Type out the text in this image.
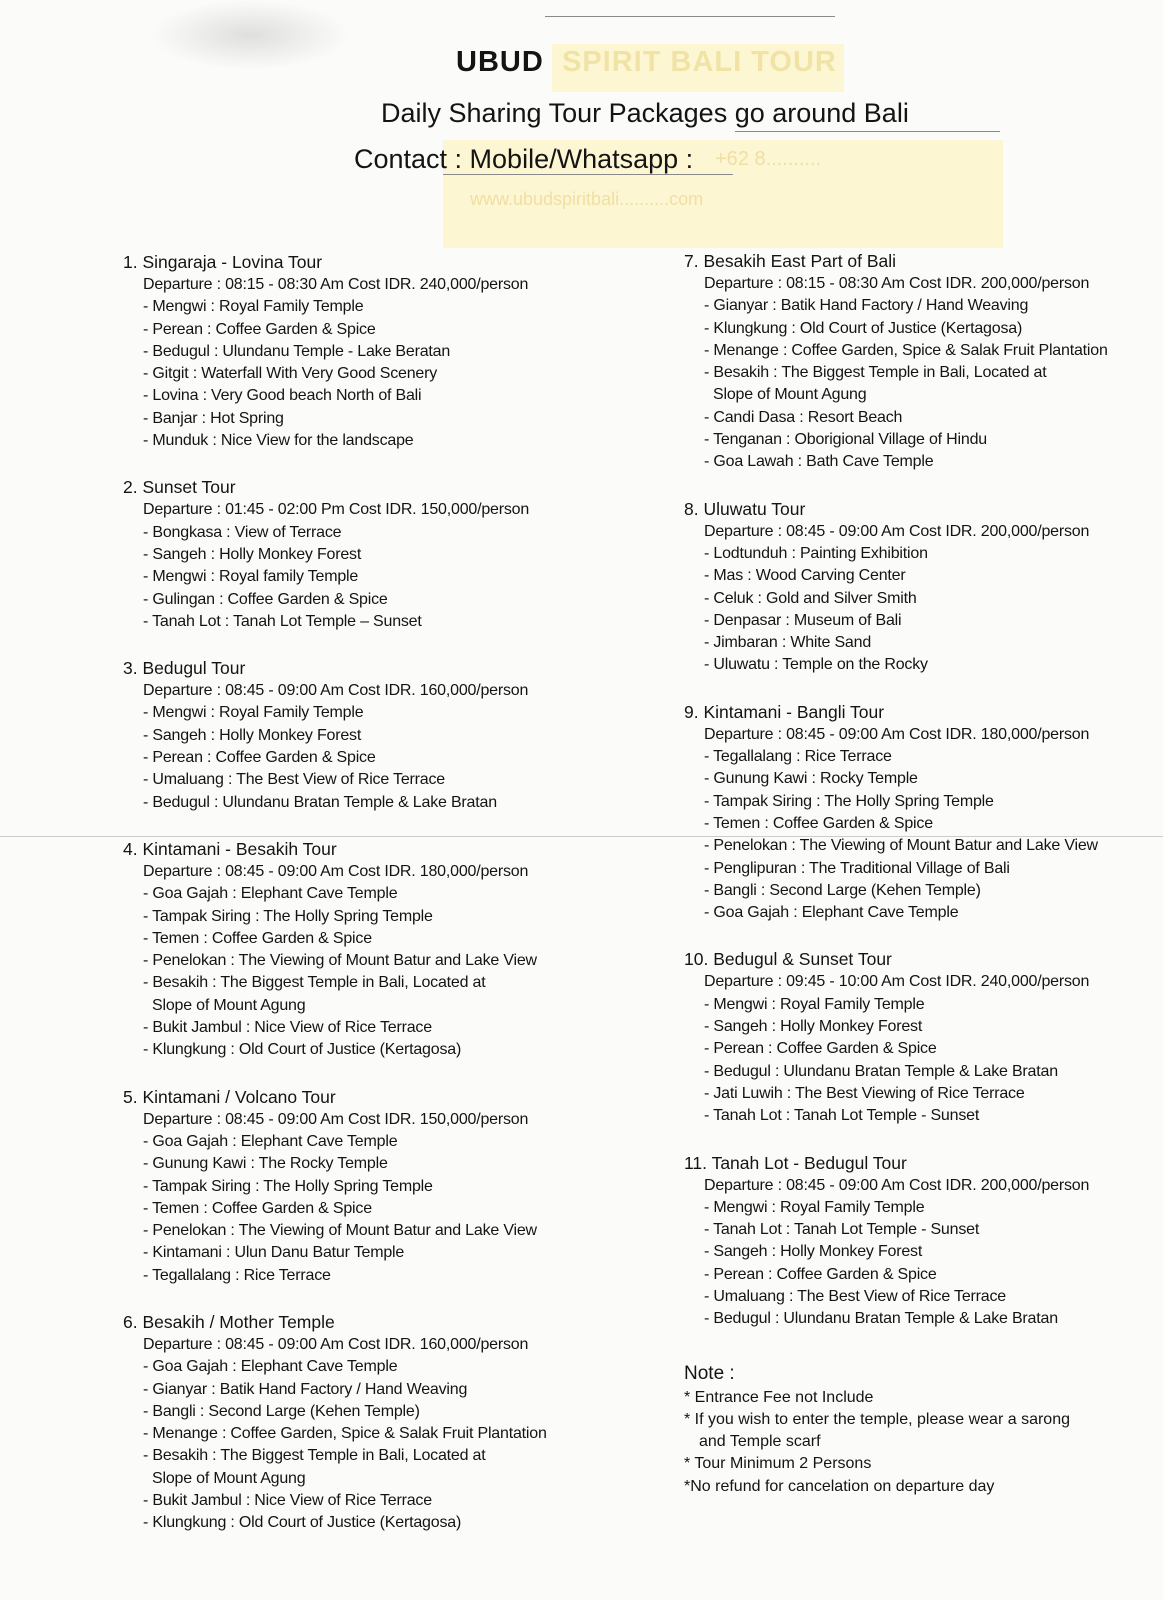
UBUD SPIRIT BALI TOUR
Daily Sharing Tour Packages go around Bali
Contact : Mobile/Whatsapp : +62 8..........
www.ubudspiritbali..........com
1. Singaraja - Lovina Tour
Departure : 08:15 - 08:30 Am Cost IDR. 240,000/person
- Mengwi : Royal Family Temple
- Perean : Coffee Garden & Spice
- Bedugul : Ulundanu Temple - Lake Beratan
- Gitgit : Waterfall With Very Good Scenery
- Lovina : Very Good beach North of Bali
- Banjar : Hot Spring
- Munduk : Nice View for the landscape
2. Sunset Tour
Departure : 01:45 - 02:00 Pm Cost IDR. 150,000/person
- Bongkasa : View of Terrace
- Sangeh : Holly Monkey Forest
- Mengwi : Royal family Temple
- Gulingan : Coffee Garden & Spice
- Tanah Lot : Tanah Lot Temple – Sunset
3. Bedugul Tour
Departure : 08:45 - 09:00 Am Cost IDR. 160,000/person
- Mengwi : Royal Family Temple
- Sangeh : Holly Monkey Forest
- Perean : Coffee Garden & Spice
- Umaluang : The Best View of Rice Terrace
- Bedugul : Ulundanu Bratan Temple & Lake Bratan
4. Kintamani - Besakih Tour
Departure : 08:45 - 09:00 Am Cost IDR. 180,000/person
- Goa Gajah : Elephant Cave Temple
- Tampak Siring : The Holly Spring Temple
- Temen : Coffee Garden & Spice
- Penelokan : The Viewing of Mount Batur and Lake View
- Besakih : The Biggest Temple in Bali, Located at
Slope of Mount Agung
- Bukit Jambul : Nice View of Rice Terrace
- Klungkung : Old Court of Justice (Kertagosa)
5. Kintamani / Volcano Tour
Departure : 08:45 - 09:00 Am Cost IDR. 150,000/person
- Goa Gajah : Elephant Cave Temple
- Gunung Kawi : The Rocky Temple
- Tampak Siring : The Holly Spring Temple
- Temen : Coffee Garden & Spice
- Penelokan : The Viewing of Mount Batur and Lake View
- Kintamani : Ulun Danu Batur Temple
- Tegallalang : Rice Terrace
6. Besakih / Mother Temple
Departure : 08:45 - 09:00 Am Cost IDR. 160,000/person
- Goa Gajah : Elephant Cave Temple
- Gianyar : Batik Hand Factory / Hand Weaving
- Bangli : Second Large (Kehen Temple)
- Menange : Coffee Garden, Spice & Salak Fruit Plantation
- Besakih : The Biggest Temple in Bali, Located at
Slope of Mount Agung
- Bukit Jambul : Nice View of Rice Terrace
- Klungkung : Old Court of Justice (Kertagosa)
7. Besakih East Part of Bali
Departure : 08:15 - 08:30 Am Cost IDR. 200,000/person
- Gianyar : Batik Hand Factory / Hand Weaving
- Klungkung : Old Court of Justice (Kertagosa)
- Menange : Coffee Garden, Spice & Salak Fruit Plantation
- Besakih : The Biggest Temple in Bali, Located at
Slope of Mount Agung
- Candi Dasa : Resort Beach
- Tenganan : Oborigional Village of Hindu
- Goa Lawah : Bath Cave Temple
8. Uluwatu Tour
Departure : 08:45 - 09:00 Am Cost IDR. 200,000/person
- Lodtunduh : Painting Exhibition
- Mas : Wood Carving Center
- Celuk : Gold and Silver Smith
- Denpasar : Museum of Bali
- Jimbaran : White Sand
- Uluwatu : Temple on the Rocky
9. Kintamani - Bangli Tour
Departure : 08:45 - 09:00 Am Cost IDR. 180,000/person
- Tegallalang : Rice Terrace
- Gunung Kawi : Rocky Temple
- Tampak Siring : The Holly Spring Temple
- Temen : Coffee Garden & Spice
- Penelokan : The Viewing of Mount Batur and Lake View
- Penglipuran : The Traditional Village of Bali
- Bangli : Second Large (Kehen Temple)
- Goa Gajah : Elephant Cave Temple
10. Bedugul & Sunset Tour
Departure : 09:45 - 10:00 Am Cost IDR. 240,000/person
- Mengwi : Royal Family Temple
- Sangeh : Holly Monkey Forest
- Perean : Coffee Garden & Spice
- Bedugul : Ulundanu Bratan Temple & Lake Bratan
- Jati Luwih : The Best Viewing of Rice Terrace
- Tanah Lot : Tanah Lot Temple - Sunset
11. Tanah Lot - Bedugul Tour
Departure : 08:45 - 09:00 Am Cost IDR. 200,000/person
- Mengwi : Royal Family Temple
- Tanah Lot : Tanah Lot Temple - Sunset
- Sangeh : Holly Monkey Forest
- Perean : Coffee Garden & Spice
- Umaluang : The Best View of Rice Terrace
- Bedugul : Ulundanu Bratan Temple & Lake Bratan
Note :
* Entrance Fee not Include
* If you wish to enter the temple, please wear a sarong
and Temple scarf
* Tour Minimum 2 Persons
*No refund for cancelation on departure day
